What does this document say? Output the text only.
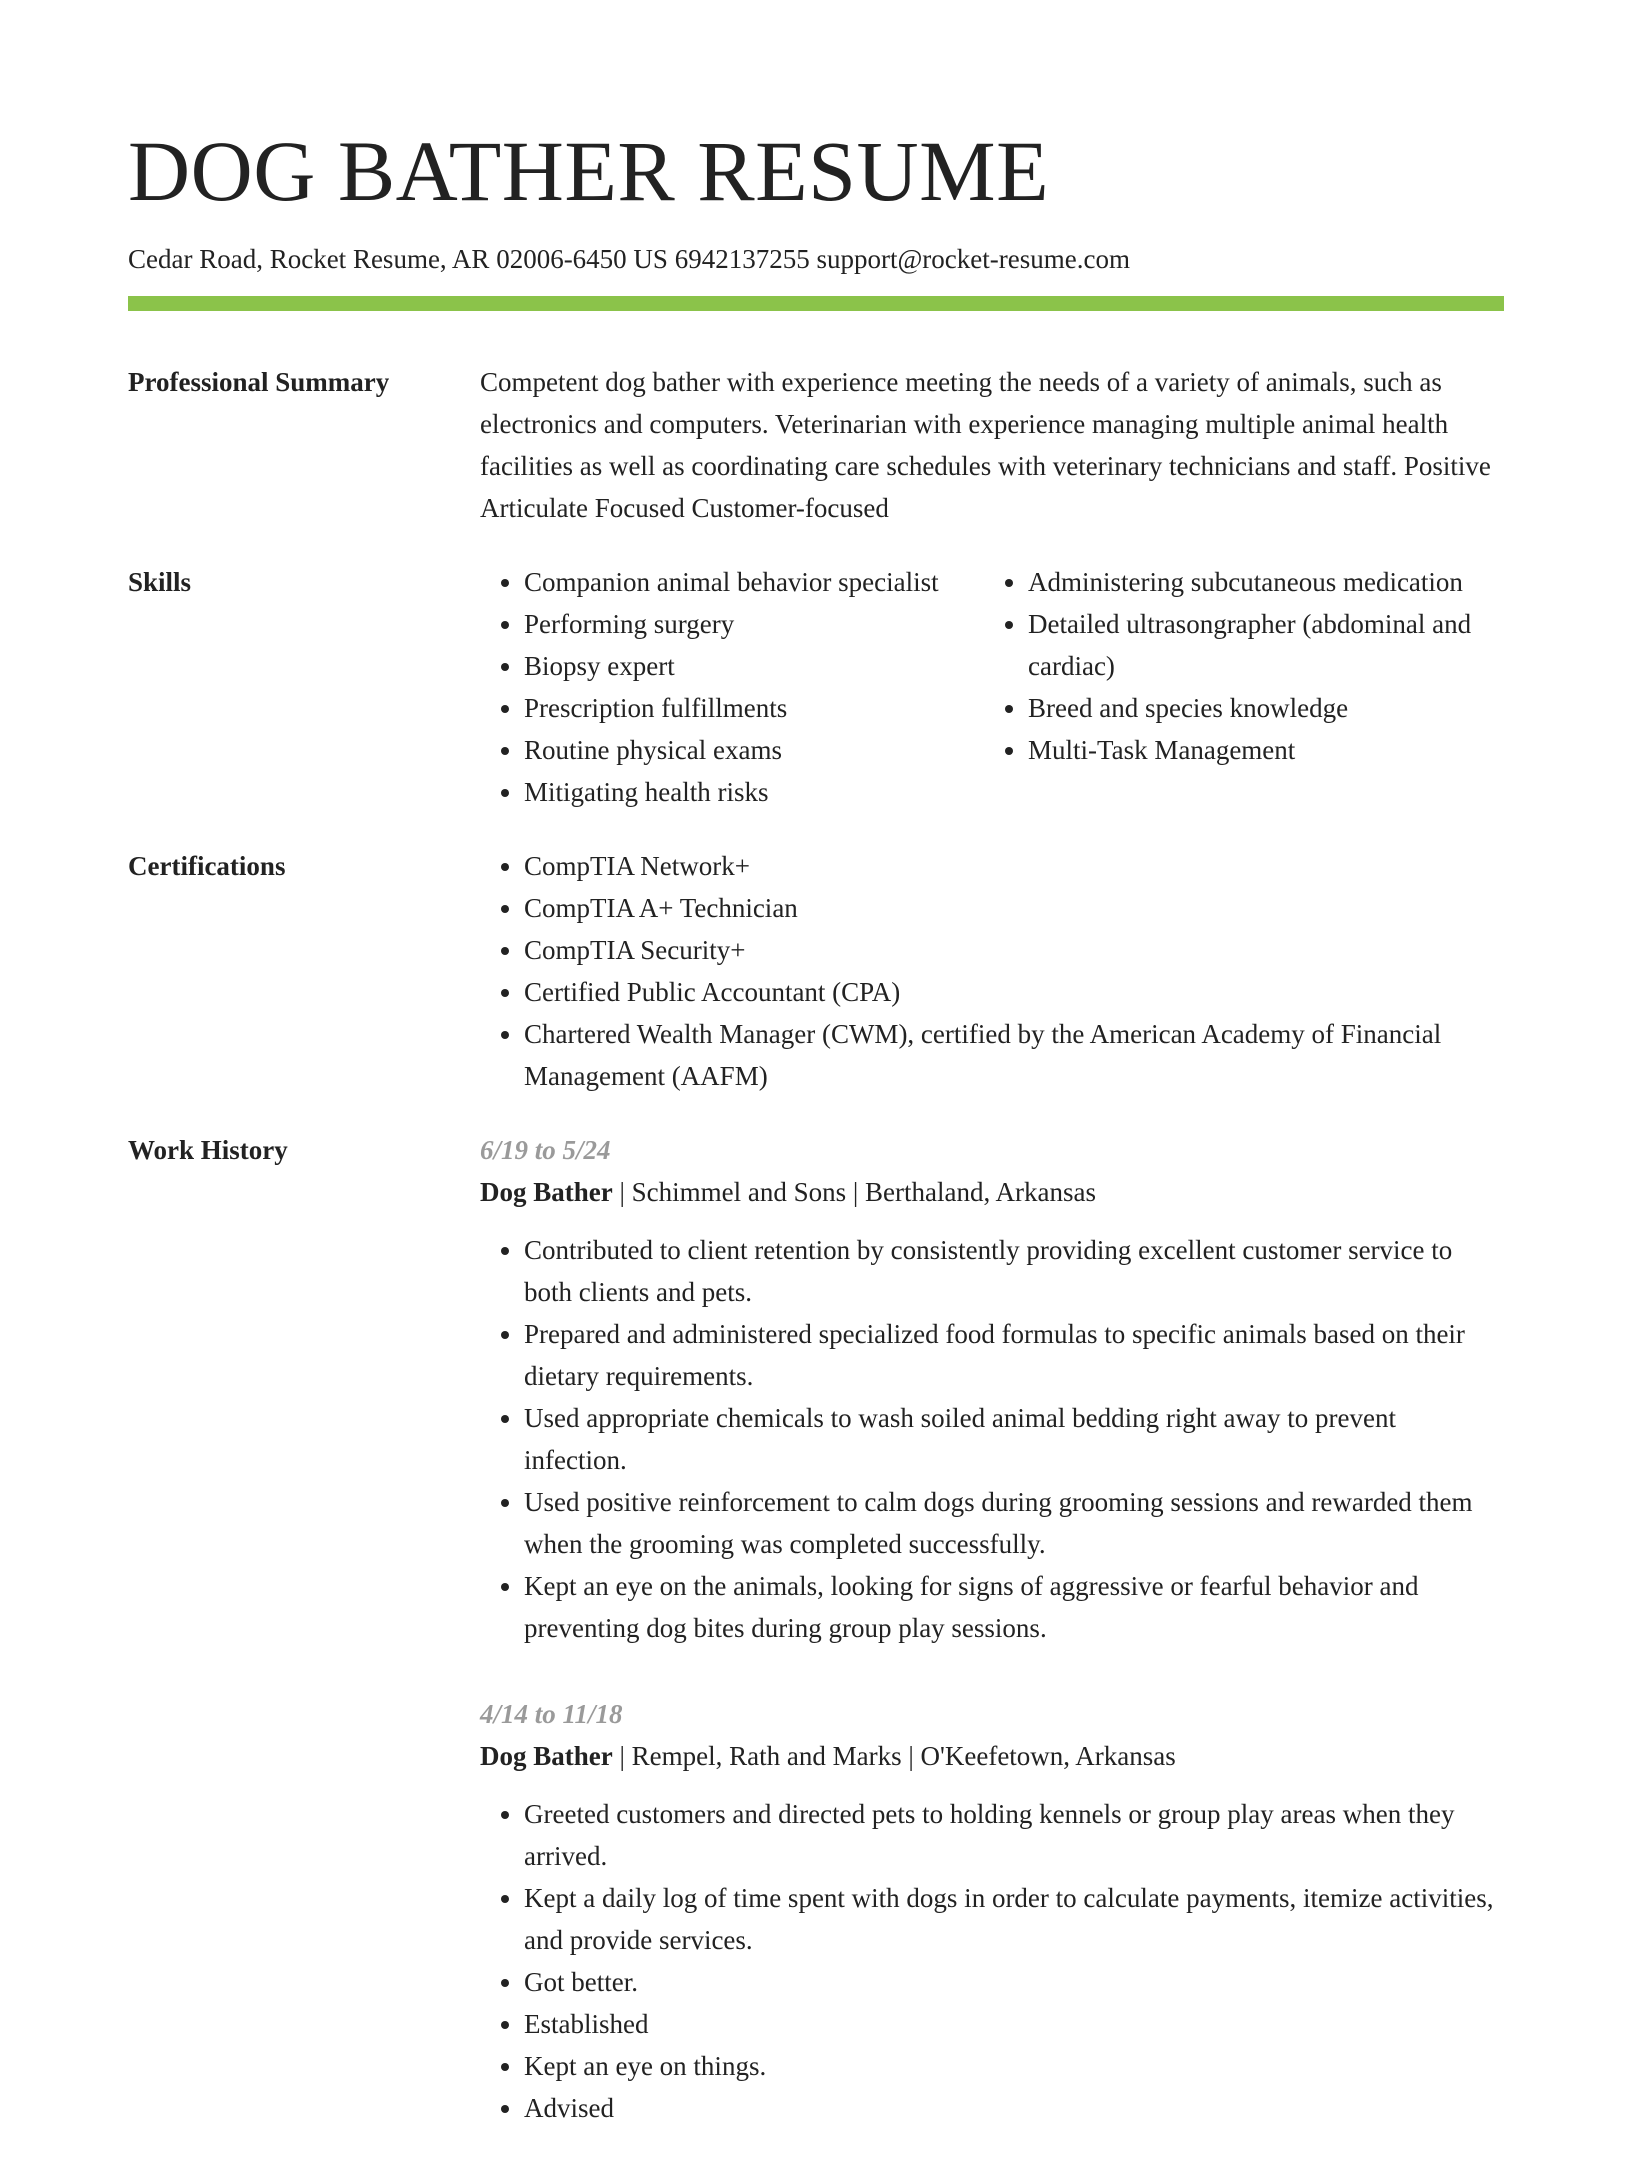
DOG BATHER RESUME
Cedar Road, Rocket Resume, AR 02006-6450 US 6942137255 support@rocket-resume.com
Professional Summary	Competent dog bather with experience meeting the needs of a variety of animals, such as electronics and computers. Veterinarian with experience managing multiple animal health facilities as well as coordinating care schedules with veterinary technicians and staff. Positive Articulate Focused Customer-focused

Skills	• Companion animal behavior specialist
• Performing surgery
• Biopsy expert
• Prescription fulfillments
• Routine physical exams
• Mitigating health risks
• Administering subcutaneous medication
• Detailed ultrasongrapher (abdominal and cardiac)
• Breed and species knowledge
• Multi-Task Management
Certifications	• CompTIA Network+
• CompTIA A+ Technician
• CompTIA Security+
• Certified Public Accountant (CPA)
• Chartered Wealth Manager (CWM), certified by the American Academy of Financial Management (AAFM)
Work History	6/19 to 5/24
Dog Bather | Schimmel and Sons | Berthaland, Arkansas
• Contributed to client retention by consistently providing excellent customer service to both clients and pets.
• Prepared and administered specialized food formulas to specific animals based on their dietary requirements.
• Used appropriate chemicals to wash soiled animal bedding right away to prevent infection.
• Used positive reinforcement to calm dogs during grooming sessions and rewarded them when the grooming was completed successfully.
• Kept an eye on the animals, looking for signs of aggressive or fearful behavior and preventing dog bites during group play sessions.
4/14 to 11/18
Dog Bather | Rempel, Rath and Marks | O'Keefetown, Arkansas
• Greeted customers and directed pets to holding kennels or group play areas when they arrived.
• Kept a daily log of time spent with dogs in order to calculate payments, itemize activities, and provide services.
• Got better.
• Established
• Kept an eye on things.
• Advised
